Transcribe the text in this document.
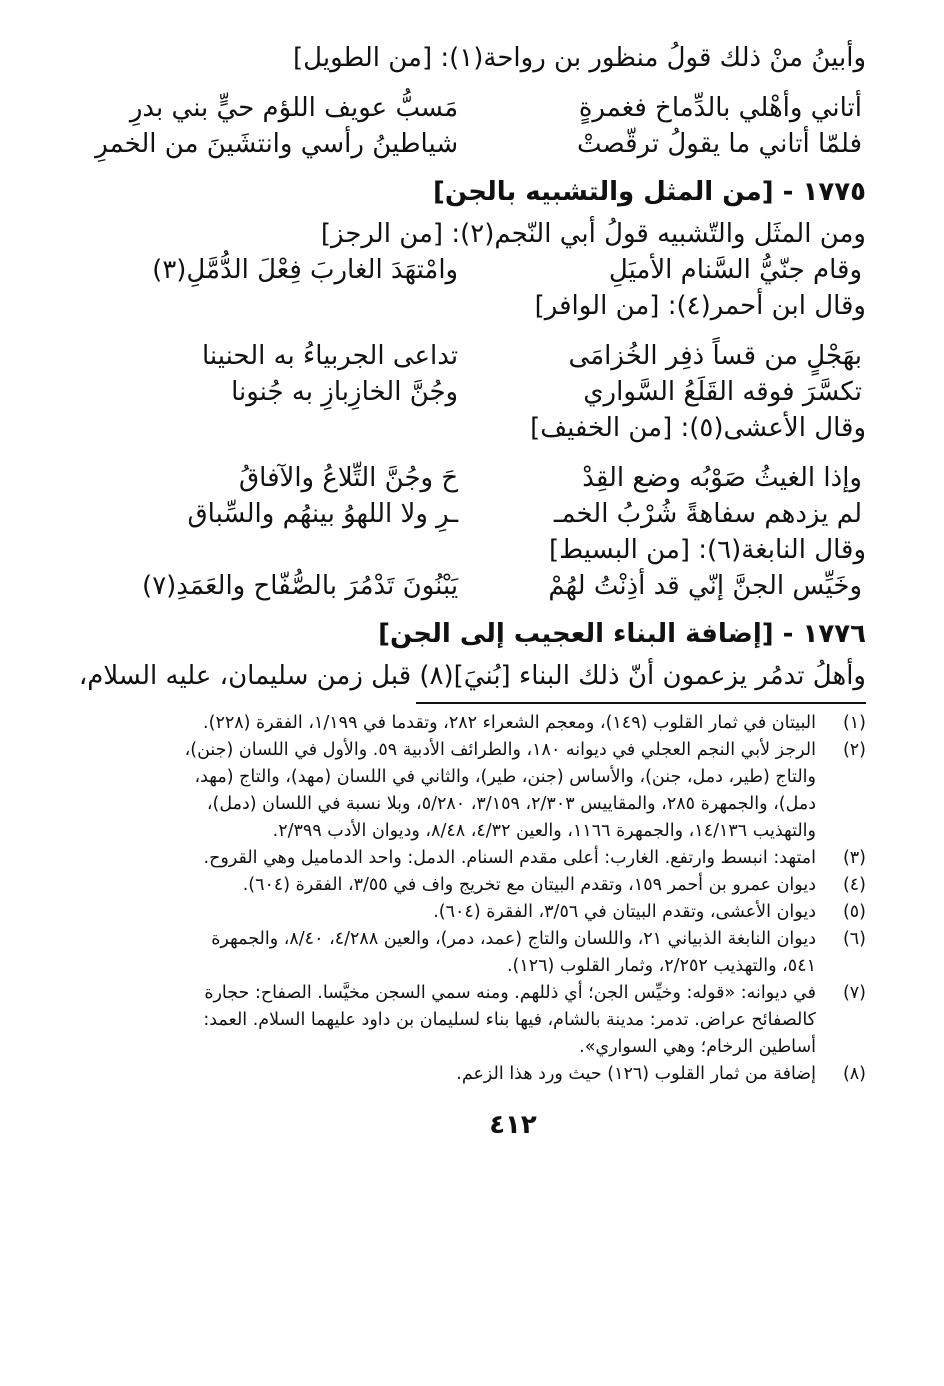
وأبينُ منْ ذلك قولُ منظور بن رواحة(١): [من الطويل]
أتاني وأهْلي بالدِّماخ فغمرةٍ
مَسبُّ عويف اللؤم حيٍّ بني بدرِ
فلمّا أتاني ما يقولُ ترقّصتْ
شياطينُ رأسي وانتشَينَ من الخمرِ
١٧٧٥ - [من المثل والتشبيه بالجن]
ومن المثَل والتّشبيه قولُ أبي النّجم(٢): [من الرجز]
وقام جنّيُّ السَّنام الأميَلِ
وامْتهَدَ الغاربَ فِعْلَ الدُّمَّلِ(٣)
وقال ابن أحمر(٤): [من الوافر]
بهَجْلٍ من قساً ذفِر الخُزامَى
تداعى الجربياءُ به الحنينا
تكسَّرَ فوقه القَلَعُ السَّواري
وجُنَّ الخازِبازِ به جُنونا
وقال الأعشى(٥): [من الخفيف]
وإذا الغيثُ صَوْبُه وضع القِدْ
حَ وجُنَّ التِّلاعُ والآفاقُ
لم يزدهم سفاهةً شُرْبُ الخمـ
ـرِ ولا اللهوُ بينهُم والسِّباق
وقال النابغة(٦): [من البسيط]
وخَيِّس الجنَّ إنّي قد أذِنْتُ لهُمْ
يَبْنُونَ تَدْمُرَ بالصُّفّاح والعَمَدِ(٧)
١٧٧٦ - [إضافة البناء العجيب إلى الجن]
وأهلُ تدمُر يزعمون أنّ ذلك البناء [بُنيَ](٨) قبل زمن سليمان، عليه السلام،
(١)
البيتان في ثمار القلوب (١٤٩)، ومعجم الشعراء ٢٨٢، وتقدما في ١/١٩٩، الفقرة (٢٢٨).
(٢)
الرجز لأبي النجم العجلي في ديوانه ١٨٠، والطرائف الأدبية ٥٩. والأول في اللسان (جنن)،
والتاج (طير، دمل، جنن)، والأساس (جنن، طير)، والثاني في اللسان (مهد)، والتاج (مهد،
دمل)، والجمهرة ٢٨٥، والمقاييس ٢/٣٠٣، ٣/١٥٩، ٥/٢٨٠، وبلا نسبة في اللسان (دمل)،
والتهذيب ١٤/١٣٦، والجمهرة ١١٦٦، والعين ٤/٣٢، ٨/٤٨، وديوان الأدب ٢/٣٩٩.
(٣)
امتهد: انبسط وارتفع. الغارب: أعلى مقدم السنام. الدمل: واحد الدماميل وهي القروح.
(٤)
ديوان عمرو بن أحمر ١٥٩، وتقدم البيتان مع تخريج واف في ٣/٥٥، الفقرة (٦٠٤).
(٥)
ديوان الأعشى، وتقدم البيتان في ٣/٥٦، الفقرة (٦٠٤).
(٦)
ديوان النابغة الذبياني ٢١، واللسان والتاج (عمد، دمر)، والعين ٤/٢٨٨، ٨/٤٠، والجمهرة
٥٤١، والتهذيب ٢/٢٥٢، وثمار القلوب (١٢٦).
(٧)
في ديوانه: «قوله: وخيِّس الجن؛ أي ذللهم. ومنه سمي السجن مخيَّسا. الصفاح: حجارة
كالصفائح عراض. تدمر: مدينة بالشام، فيها بناء لسليمان بن داود عليهما السلام. العمد:
أساطين الرخام؛ وهي السواري».
(٨)
إضافة من ثمار القلوب (١٢٦) حيث ورد هذا الزعم.
٤١٢
